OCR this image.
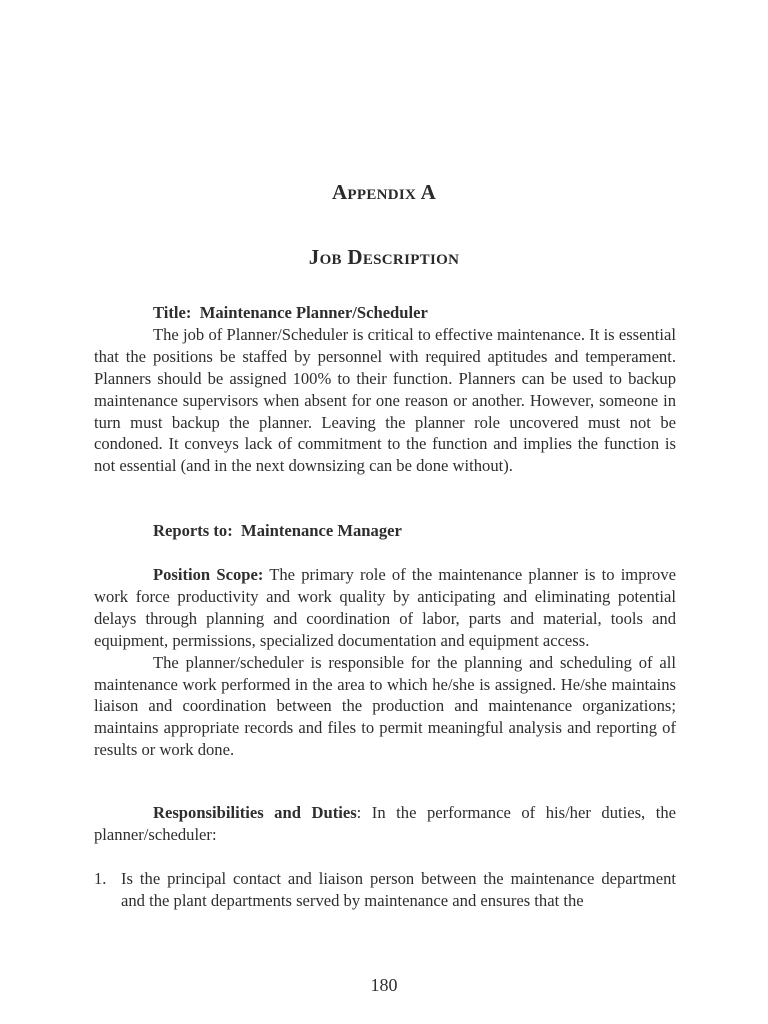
Appendix A
Job Description

Title: Maintenance Planner/Scheduler

The job of Planner/Scheduler is critical to effective maintenance. It is essential that the positions be staffed by personnel with required aptitudes and temperament. Planners should be assigned 100% to their function. Planners can be used to backup maintenance supervisors when absent for one reason or another. However, someone in turn must backup the planner. Leaving the planner role uncovered must not be condoned. It conveys lack of commitment to the function and implies the function is not essential (and in the next downsizing can be done without).

Reports to: Maintenance Manager

Position Scope: The primary role of the maintenance planner is to improve work force productivity and work quality by anticipating and eliminating potential delays through planning and coordination of labor, parts and material, tools and equipment, permissions, specialized documentation and equipment access.

The planner/scheduler is responsible for the planning and scheduling of all maintenance work performed in the area to which he/she is assigned. He/she maintains liaison and coordination between the production and maintenance organizations; maintains appropriate records and files to permit meaningful analysis and reporting of results or work done.

Responsibilities and Duties: In the performance of his/her duties, the planner/scheduler:

1. Is the principal contact and liaison person between the maintenance department and the plant departments served by maintenance and ensures that the
180
